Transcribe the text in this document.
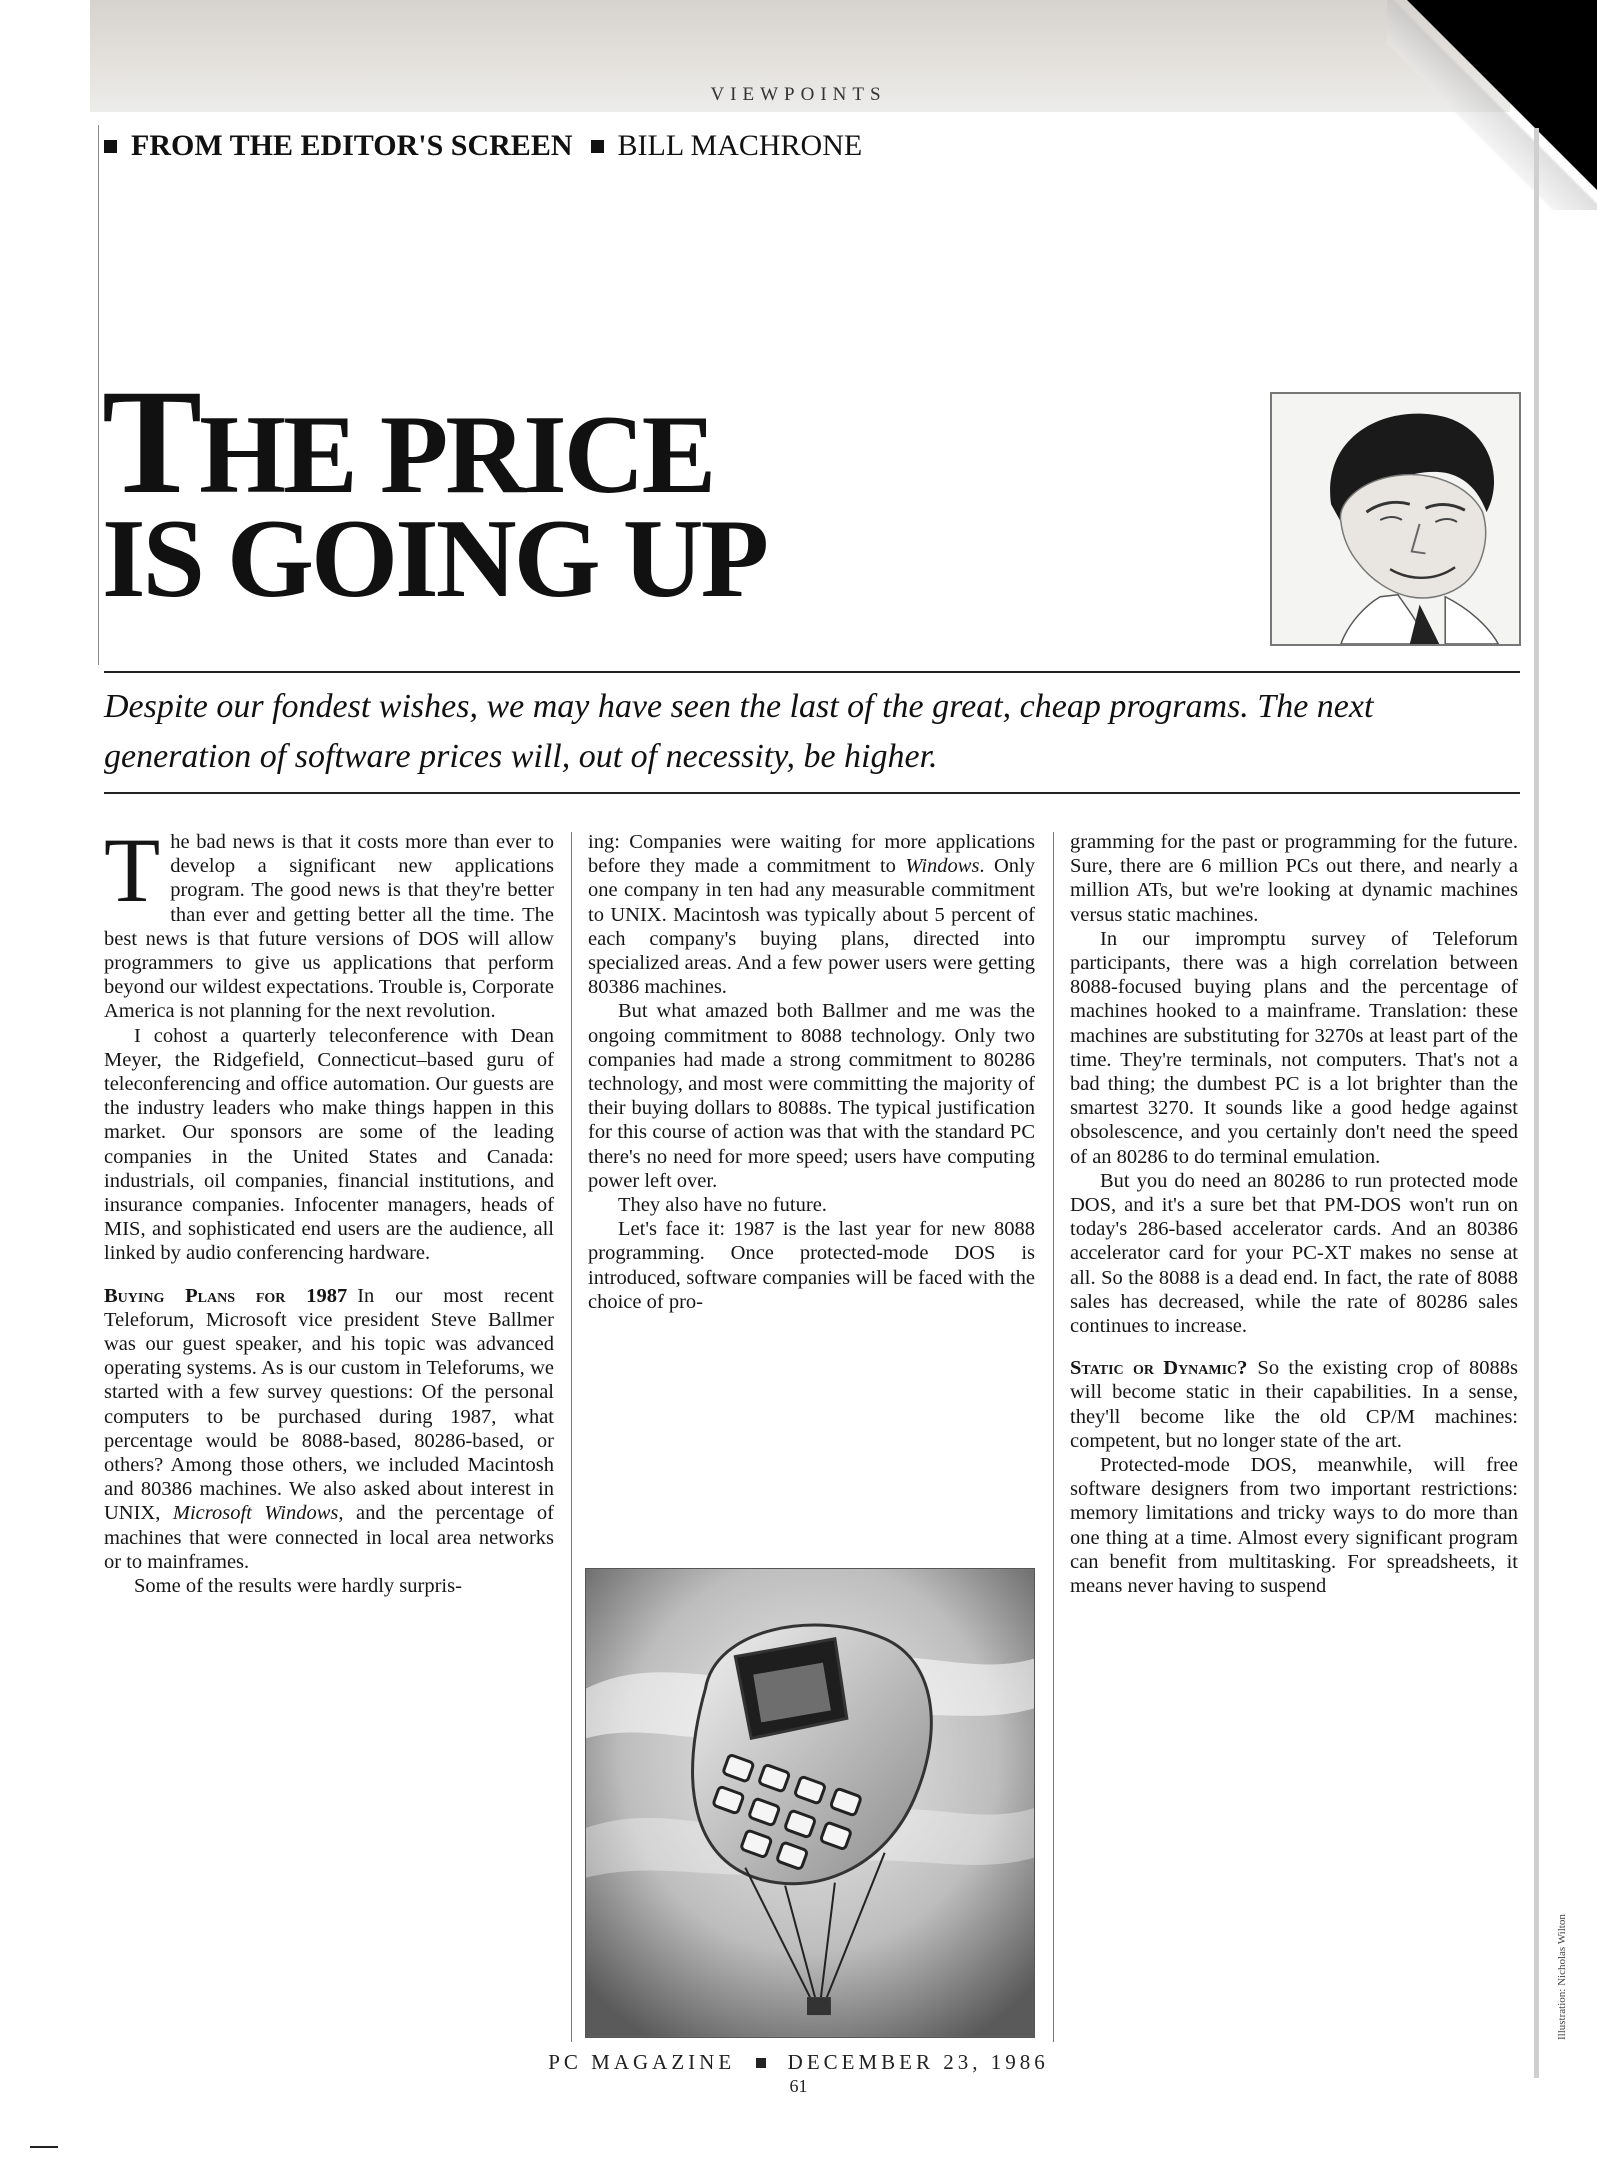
VIEWPOINTS
FROM THE EDITOR'S SCREEN BILL MACHRONE
THE PRICE
IS GOING UP

Despite our fondest wishes, we may have seen the last of the great, cheap programs. The next generation of software prices will, out of necessity, be higher.

The bad news is that it costs more than ever to develop a significant new applications program. The good news is that they're better than ever and getting better all the time. The best news is that future versions of DOS will allow programmers to give us applications that perform beyond our wildest expectations. Trouble is, Corporate America is not planning for the next revolution.

I cohost a quarterly teleconference with Dean Meyer, the Ridgefield, Connecticut–based guru of teleconferencing and office automation. Our guests are the industry leaders who make things happen in this market. Our sponsors are some of the leading companies in the United States and Canada: industrials, oil companies, financial institutions, and insurance companies. Infocenter managers, heads of MIS, and sophisticated end users are the audience, all linked by audio conferencing hardware.

Buying Plans for 1987 In our most recent Teleforum, Microsoft vice president Steve Ballmer was our guest speaker, and his topic was advanced operating systems. As is our custom in Teleforums, we started with a few survey questions: Of the personal computers to be purchased during 1987, what percentage would be 8088-based, 80286-based, or others? Among those others, we included Macintosh and 80386 machines. We also asked about interest in UNIX, Microsoft Windows, and the percentage of machines that were connected in local area networks or to mainframes.

Some of the results were hardly surpris-

ing: Companies were waiting for more applications before they made a commitment to Windows. Only one company in ten had any measurable commitment to UNIX. Macintosh was typically about 5 percent of each company's buying plans, directed into specialized areas. And a few power users were getting 80386 machines.

But what amazed both Ballmer and me was the ongoing commitment to 8088 technology. Only two companies had made a strong commitment to 80286 technology, and most were committing the majority of their buying dollars to 8088s. The typical justification for this course of action was that with the standard PC there's no need for more speed; users have computing power left over.

They also have no future.

Let's face it: 1987 is the last year for new 8088 programming. Once protected-mode DOS is introduced, software companies will be faced with the choice of pro-

gramming for the past or programming for the future. Sure, there are 6 million PCs out there, and nearly a million ATs, but we're looking at dynamic machines versus static machines.

In our impromptu survey of Teleforum participants, there was a high correlation between 8088-focused buying plans and the percentage of machines hooked to a mainframe. Translation: these machines are substituting for 3270s at least part of the time. They're terminals, not computers. That's not a bad thing; the dumbest PC is a lot brighter than the smartest 3270. It sounds like a good hedge against obsolescence, and you certainly don't need the speed of an 80286 to do terminal emulation.

But you do need an 80286 to run protected mode DOS, and it's a sure bet that PM-DOS won't run on today's 286-based accelerator cards. And an 80386 accelerator card for your PC-XT makes no sense at all. So the 8088 is a dead end. In fact, the rate of 8088 sales has decreased, while the rate of 80286 sales continues to increase.

Static or Dynamic? So the existing crop of 8088s will become static in their capabilities. In a sense, they'll become like the old CP/M machines: competent, but no longer state of the art.

Protected-mode DOS, meanwhile, will free software designers from two important restrictions: memory limitations and tricky ways to do more than one thing at a time. Almost every significant program can benefit from multitasking. For spreadsheets, it means never having to suspend

Illustration: Nicholas Wilton
PC MAGAZINE	DECEMBER 23, 1986
61
